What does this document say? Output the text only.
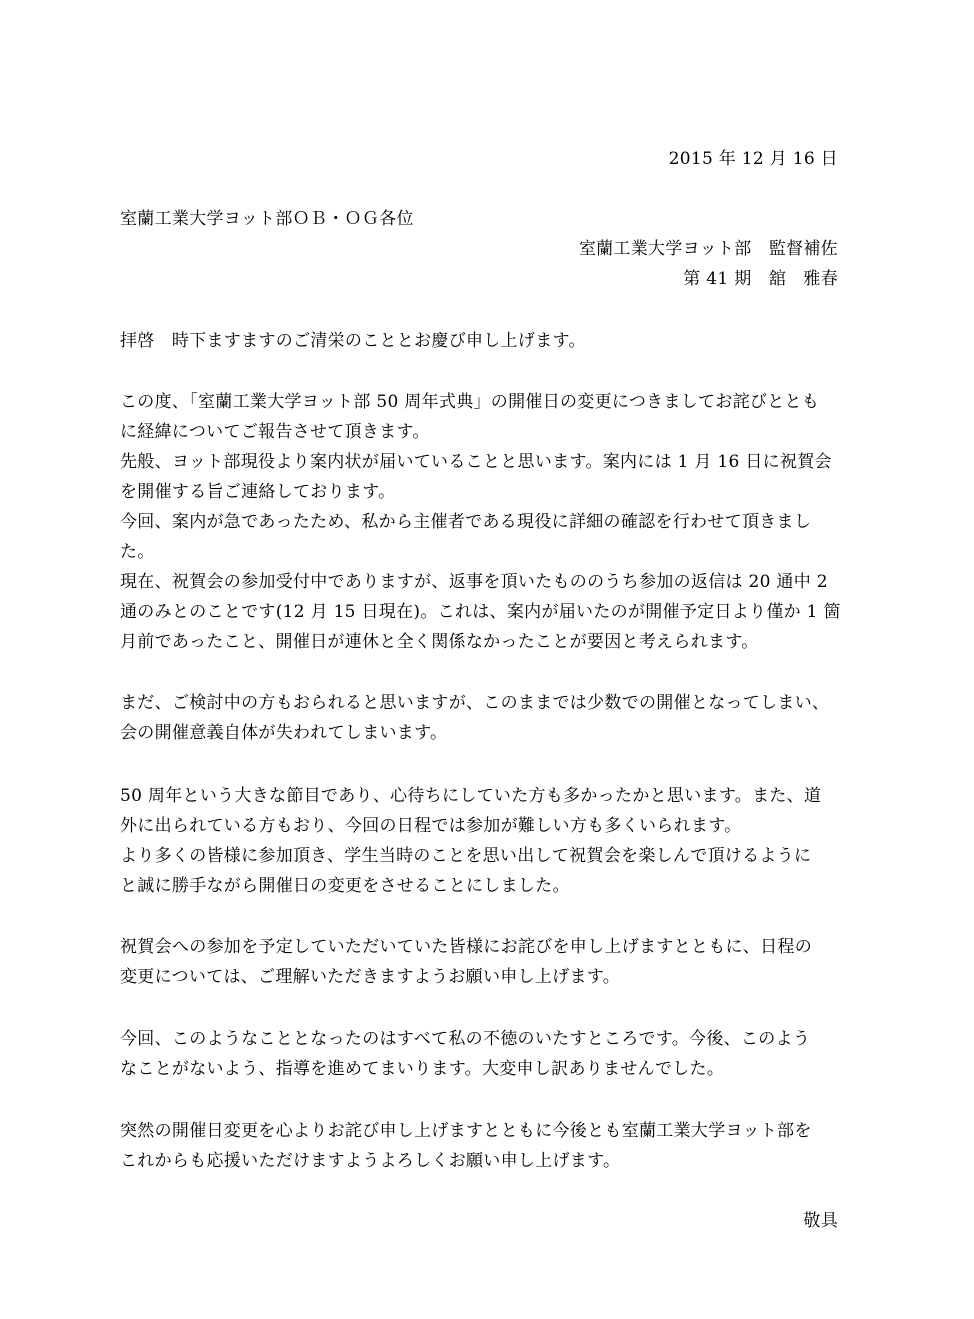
2015 年 12 月 16 日
室蘭工業大学ヨット部ＯＢ・ＯＧ各位
室蘭工業大学ヨット部　監督補佐
第 41 期　舘　雅春
拝啓　時下ますますのご清栄のこととお慶び申し上げます。
この度、「室蘭工業大学ヨット部 50 周年式典」の開催日の変更につきましてお詫びととも
に経緯についてご報告させて頂きます。
先般、ヨット部現役より案内状が届いていることと思います。案内には 1 月 16 日に祝賀会
を開催する旨ご連絡しております。
今回、案内が急であったため、私から主催者である現役に詳細の確認を行わせて頂きまし
た。
現在、祝賀会の参加受付中でありますが、返事を頂いたもののうち参加の返信は 20 通中 2
通のみとのことです(12 月 15 日現在)。これは、案内が届いたのが開催予定日より僅か 1 箇
月前であったこと、開催日が連休と全く関係なかったことが要因と考えられます。
まだ、ご検討中の方もおられると思いますが、このままでは少数での開催となってしまい、
会の開催意義自体が失われてしまいます。
50 周年という大きな節目であり、心待ちにしていた方も多かったかと思います。また、道
外に出られている方もおり、今回の日程では参加が難しい方も多くいられます。
より多くの皆様に参加頂き、学生当時のことを思い出して祝賀会を楽しんで頂けるように
と誠に勝手ながら開催日の変更をさせることにしました。
祝賀会への参加を予定していただいていた皆様にお詫びを申し上げますとともに、日程の
変更については、ご理解いただきますようお願い申し上げます。
今回、このようなこととなったのはすべて私の不徳のいたすところです。今後、このよう
なことがないよう、指導を進めてまいります。大変申し訳ありませんでした。
突然の開催日変更を心よりお詫び申し上げますとともに今後とも室蘭工業大学ヨット部を
これからも応援いただけますようよろしくお願い申し上げます。
敬具
